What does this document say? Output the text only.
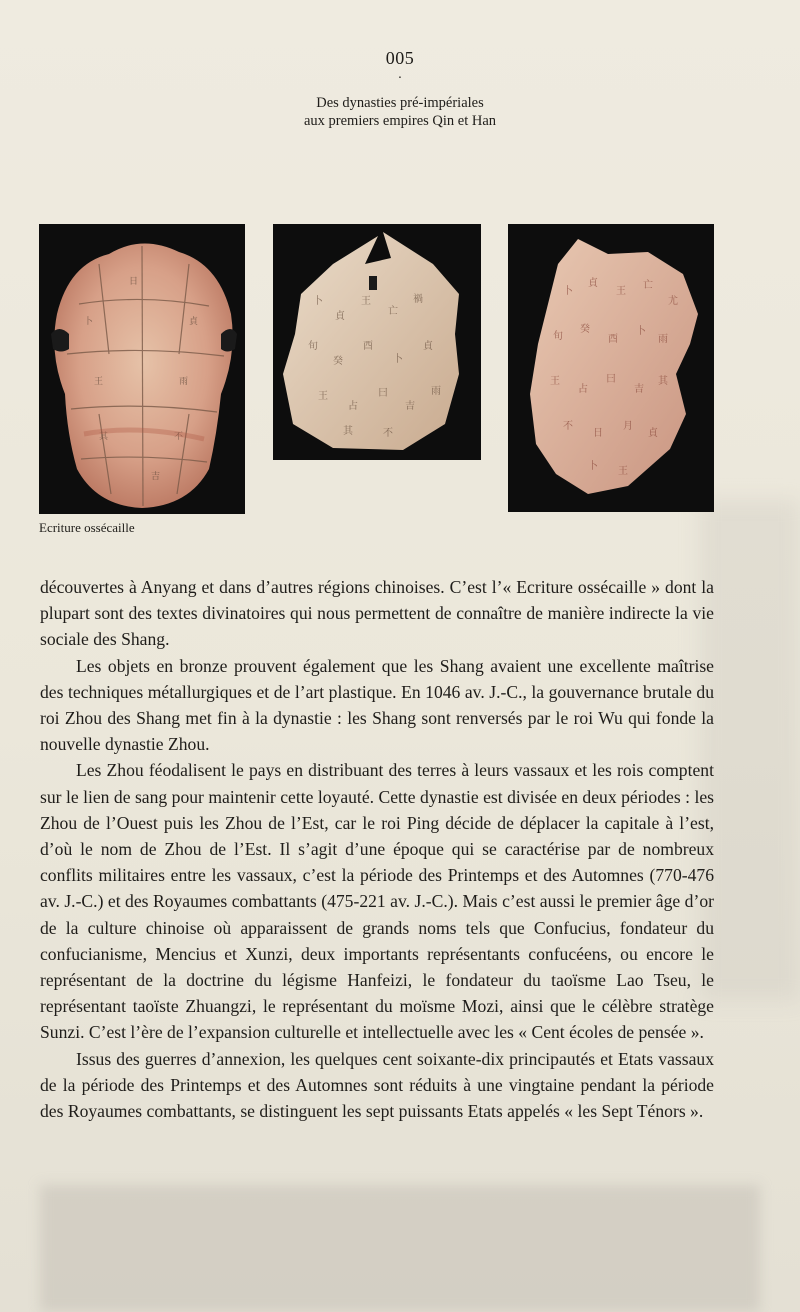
005
·
Des dynasties pré-impériales
aux premiers empires Qin et Han
卜	貞
王	雨
其	不
日
吉
卜
貞
王
亡
禍
旬
癸
酉
卜
貞
王
占
曰
吉
雨
其	不
卜
貞
王
亡
尤
旬
癸
酉
卜
雨
王
占
曰
吉
其
不
日
月
貞
卜 王
Ecriture ossécaille

découvertes à Anyang et dans d’autres régions chinoises. C’est l’« Ecriture ossécaille » dont la plupart sont des textes divinatoires qui nous permettent de connaître de manière indirecte la vie sociale des Shang.

Les objets en bronze prouvent également que les Shang avaient une excellente maîtrise des techniques métallurgiques et de l’art plastique. En 1046 av. J.-C., la gouvernance brutale du roi Zhou des Shang met fin à la dynastie : les Shang sont renversés par le roi Wu qui fonde la nouvelle dynastie Zhou.

Les Zhou féodalisent le pays en distribuant des terres à leurs vassaux et les rois comptent sur le lien de sang pour maintenir cette loyauté. Cette dynastie est divisée en deux périodes : les Zhou de l’Ouest puis les Zhou de l’Est, car le roi Ping décide de déplacer la capitale à l’est, d’où le nom de Zhou de l’Est. Il s’agit d’une époque qui se caractérise par de nombreux conflits militaires entre les vassaux, c’est la période des Printemps et des Automnes (770-476 av. J.-C.) et des Royaumes combattants (475-221 av. J.-C.). Mais c’est aussi le premier âge d’or de la culture chinoise où apparaissent de grands noms tels que Confucius, fondateur du confucianisme, Mencius et Xunzi, deux importants représentants confucéens, ou encore le représentant de la doctrine du légisme Hanfeizi, le fondateur du taoïsme Lao Tseu, le représentant taoïste Zhuangzi, le représentant du moïsme Mozi, ainsi que le célèbre stratège Sunzi. C’est l’ère de l’expansion culturelle et intellectuelle avec les « Cent écoles de pensée ».

Issus des guerres d’annexion, les quelques cent soixante-dix principautés et Etats vassaux de la période des Printemps et des Automnes sont réduits à une vingtaine pendant la période des Royaumes combattants, se distinguent les sept puissants Etats appelés « les Sept Ténors ».
